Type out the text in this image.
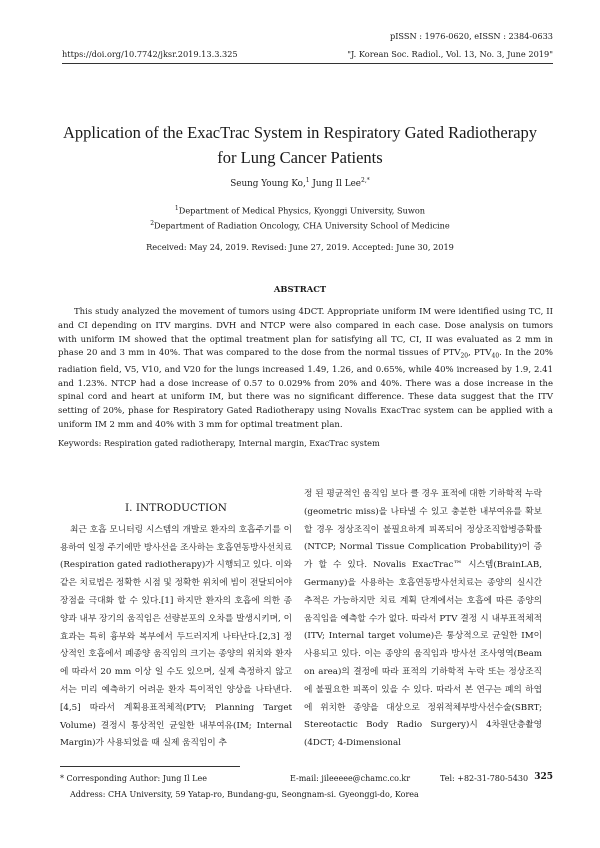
pISSN : 1976-0620, eISSN : 2384-0633
"J. Korean Soc. Radiol., Vol. 13, No. 3, June 2019"
https://doi.org/10.7742/jksr.2019.13.3.325
Application of the ExacTrac System in Respiratory Gated Radiotherapy
for Lung Cancer Patients
Seung Young Ko,$^1$ Jung Il Lee$^{2,*}$
$^1$Department of Medical Physics, Kyonggi University, Suwon
$^2$Department of Radiation Oncology, CHA University School of Medicine
Received: May 24, 2019. Revised: June 27, 2019. Accepted: June 30, 2019
ABSTRACT
This study analyzed the movement of tumors using 4DCT. Appropriate uniform IM were identified using TC, II and CI depending on ITV margins. DVH and NTCP were also compared in each case. Dose analysis on tumors with uniform IM showed that the optimal treatment plan for satisfying all TC, CI, II was evaluated as 2 mm in phase 20 and 3 mm in 40%. That was compared to the dose from the normal tissues of $PTV_{20}$, $PTV_{40}$. In the 20% radiation field, V5, V10, and V20 for the lungs increased 1.49, 1.26, and 0.65%, while 40% increased by 1.9, 2.41 and 1.23%. NTCP had a dose increase of 0.57 to 0.029% from 20% and 40%. There was a dose increase in the spinal cord and heart at uniform IM, but there was no significant difference. These data suggest that the ITV setting of 20%, phase for Respiratory Gated Radiotherapy using Novalis ExacTrac system can be applied with a uniform IM 2 mm and 40% with 3 mm for optimal treatment plan.
Keywords: Respiration gated radiotherapy, Internal margin, ExacTrac system
Ⅰ. INTRODUCTION
최근 호흡 모니터링 시스템의 개발로 환자의 호흡주기를 이용하여 일정 주기에만 방사선을 조사하는 호흡연동방사선치료(Respiration gated radiotherapy)가 시행되고 있다. 이와 같은 치료법은 정확한 시점 및 정확한 위치에 빔이 전달되어야 장점을 극대화 할 수 있다.[1] 하지만 환자의 호흡에 의한 종양과 내부 장기의 움직임은 선량분포의 오차를 발생시키며, 이 효과는 특히 흉부와 복부에서 두드러지게 나타난다.[2,3] 정상적인 호흡에서 폐종양 움직임의 크기는 종양의 위치와 환자에 따라서 20 mm 이상 일 수도 있으며, 실제 측정하지 않고서는 미리 예측하기 어려운 환자 특이적인 양상을 나타낸다.[4,5] 따라서 계획용표적체적(PTV; Planning Target Volume) 결정시 통상적인 균일한 내부여유(IM; Internal Margin)가 사용되었을 때 실제 움직임이 추
정 된 평균적인 움직임 보다 클 경우 표적에 대한 기하학적 누락(geometric miss)을 나타낼 수 있고 충분한 내부여유를 확보 할 경우 정상조직이 불필요하게 피폭되어 정상조직합병증확률(NTCP; Normal Tissue Complication Probability)이 증가 할 수 있다. Novalis ExacTrac™ 시스템(BrainLAB, Germany)을 사용하는 호흡연동방사선치료는 종양의 실시간 추적은 가능하지만 치료 계획 단계에서는 호흡에 따른 종양의 움직임을 예측할 수가 없다. 따라서 PTV 결정 시 내부표적체적(ITV; Internal target volume)은 통상적으로 균일한 IM이 사용되고 있다. 이는 종양의 움직임과 방사선 조사영역(Beam on area)의 결정에 따라 표적의 기하학적 누락 또는 정상조직에 불필요한 피폭이 있을 수 있다. 따라서 본 연구는 폐의 하엽에 위치한 종양을 대상으로 정위적체부방사선수술(SBRT; Stereotactic Body Radio Surgery)시 4차원단층촬영(4DCT; 4-Dimensional
* Corresponding Author: Jung Il Lee	E-mail: jileeeee@chamc.co.kr	Tel: +82-31-780-5430
Address: CHA University, 59 Yatap-ro, Bundang-gu, Seongnam-si. Gyeonggi-do, Korea
325
